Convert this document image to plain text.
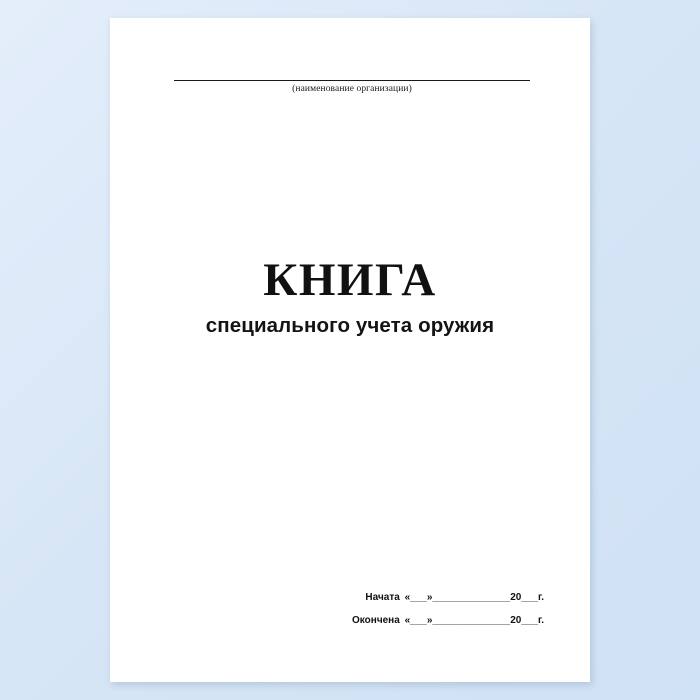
(наименование организации)
КНИГА
специального учета оружия
Начата «___»______________20___г.
Окончена «___»______________20___г.
